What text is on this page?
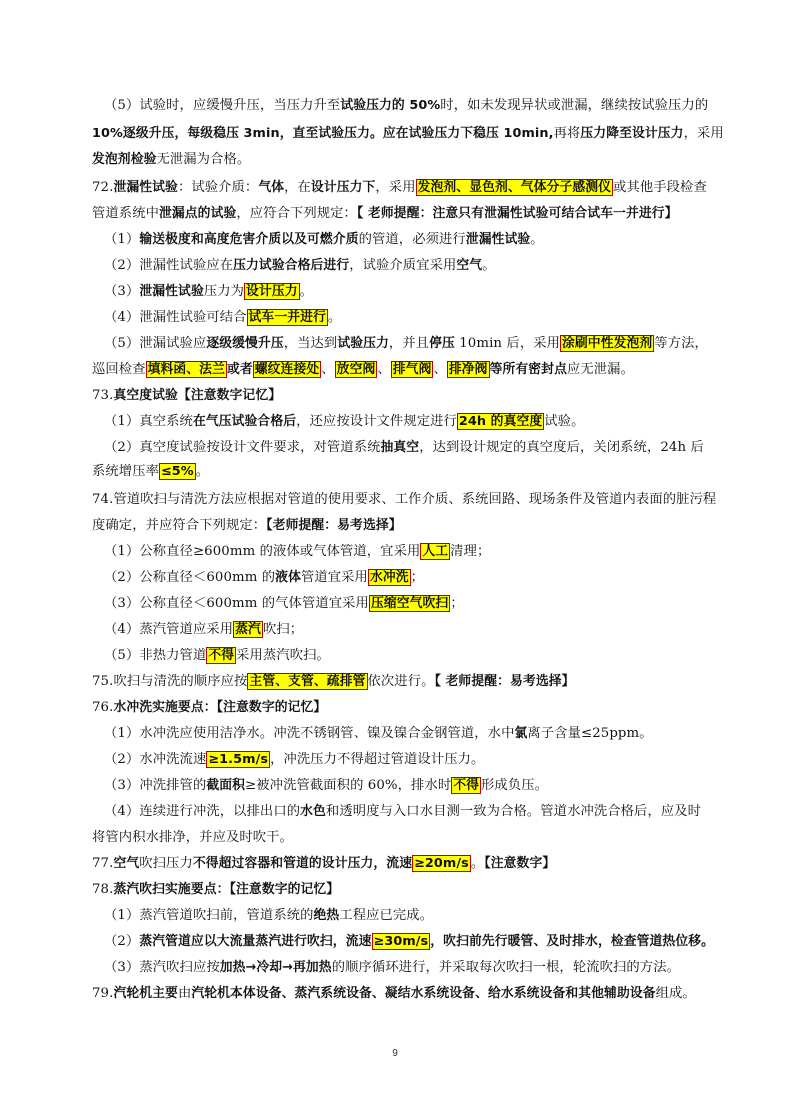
（5）试验时，应缓慢升压，当压力升至试验压力的 50%时，如未发现异状或泄漏，继续按试验压力的
10%逐级升压，每级稳压 3min，直至试验压力。应在试验压力下稳压 10min,再将压力降至设计压力，采用
发泡剂检验无泄漏为合格。
72.泄漏性试验：试验介质：气体，在设计压力下，采用 发泡剂、显色剂、气体分子感测仪 或其他手段检查
管道系统中泄漏点的试验，应符合下列规定：【 老师提醒：注意只有泄漏性试验可结合试车一并进行】
（1）输送极度和高度危害介质以及可燃介质的管道，必须进行泄漏性试验。
（2）泄漏性试验应在压力试验合格后进行，试验介质宜采用空气。
（3）泄漏性试验压力为 设计压力 。
（4）泄漏性试验可结合 试车一并进行 。
（5）泄漏试验应逐级缓慢升压，当达到试验压力，并且停压 10min 后，采用 涂刷中性发泡剂 等方法，
巡回检查 填料函、法兰 或者 螺纹连接处 、 放空阀 、 排气阀 、 排净阀 等所有密封点应无泄漏。
73.真空度试验【注意数字记忆】
（1）真空系统在气压试验合格后，还应按设计文件规定进行 24h 的真空度 试验。
（2）真空度试验按设计文件要求，对管道系统抽真空，达到设计规定的真空度后，关闭系统，24h 后
系统增压率 ≤5% 。
74.管道吹扫与清洗方法应根据对管道的使用要求、工作介质、系统回路、现场条件及管道内表面的脏污程
度确定，并应符合下列规定：【老师提醒：易考选择】
（1）公称直径≥600mm 的液体或气体管道，宜采用 人工 清理；
（2）公称直径＜600mm 的液体管道宜采用 水冲洗 ；
（3）公称直径＜600mm 的气体管道宜采用 压缩空气吹扫 ；
（4）蒸汽管道应采用 蒸汽 吹扫；
（5）非热力管道 不得 采用蒸汽吹扫。
75.吹扫与清洗的顺序应按 主管、支管、疏排管 依次进行。【 老师提醒：易考选择】
76.水冲洗实施要点：【注意数字的记忆】
（1）水冲洗应使用洁净水。冲洗不锈钢管、镍及镍合金钢管道，水中氯离子含量≤25ppm。
（2）水冲洗流速 ≥1.5m/s ，冲洗压力不得超过管道设计压力。
（3）冲洗排管的截面积≥被冲洗管截面积的 60%，排水时 不得 形成负压。
（4）连续进行冲洗，以排出口的水色和透明度与入口水目测一致为合格。管道水冲洗合格后，应及时
将管内积水排净，并应及时吹干。
77.空气吹扫压力不得超过容器和管道的设计压力，流速 ≥20m/s 。【注意数字】
78.蒸汽吹扫实施要点：【注意数字的记忆】
（1）蒸汽管道吹扫前，管道系统的绝热工程应已完成。
（2）蒸汽管道应以大流量蒸汽进行吹扫，流速 ≥30m/s ，吹扫前先行暖管、及时排水，检查管道热位移。
（3）蒸汽吹扫应按加热→冷却→再加热的顺序循环进行，并采取每次吹扫一根，轮流吹扫的方法。
79.汽轮机主要由汽轮机本体设备、蒸汽系统设备、凝结水系统设备、给水系统设备和其他辅助设备组成。
9
